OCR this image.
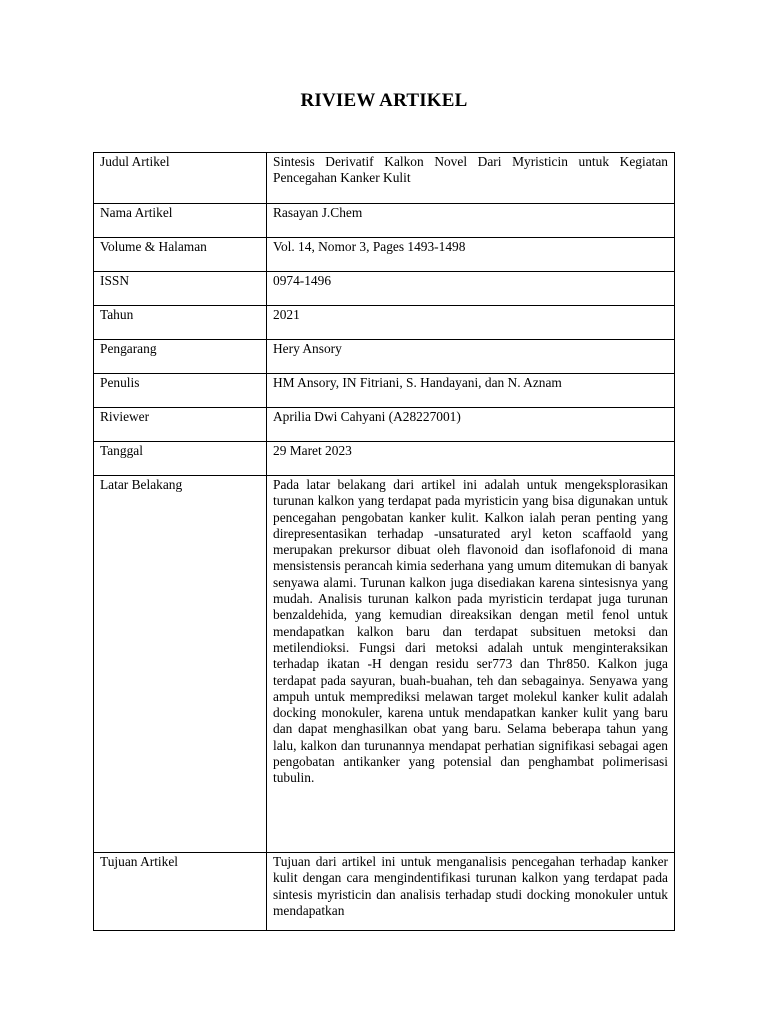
RIVIEW ARTIKEL
Judul Artikel	Sintesis Derivatif Kalkon Novel Dari Myristicin untuk Kegiatan Pencegahan Kanker Kulit
Nama Artikel	Rasayan J.Chem
Volume & Halaman	Vol. 14, Nomor 3, Pages 1493-1498
ISSN	0974-1496
Tahun	2021
Pengarang	Hery Ansory
Penulis	HM Ansory, IN Fitriani, S. Handayani, dan N. Aznam
Riviewer	Aprilia Dwi Cahyani (A28227001)
Tanggal	29 Maret 2023
Latar Belakang	Pada latar belakang dari artikel ini adalah untuk mengeksplorasikan turunan kalkon yang terdapat pada myristicin yang bisa digunakan untuk pencegahan pengobatan kanker kulit. Kalkon ialah peran penting yang direpresentasikan terhadap -unsaturated aryl keton scaffaold yang merupakan prekursor dibuat oleh flavonoid dan isoflafonoid di mana mensistensis perancah kimia sederhana yang umum ditemukan di banyak senyawa alami. Turunan kalkon juga disediakan karena sintesisnya yang mudah. Analisis turunan kalkon pada myristicin terdapat juga turunan benzaldehida, yang kemudian direaksikan dengan metil fenol untuk mendapatkan kalkon baru dan terdapat subsituen metoksi dan metilendioksi. Fungsi dari metoksi adalah untuk menginteraksikan terhadap ikatan -H dengan residu ser773 dan Thr850. Kalkon juga terdapat pada sayuran, buah-buahan, teh dan sebagainya. Senyawa yang ampuh untuk memprediksi melawan target molekul kanker kulit adalah docking monokuler, karena untuk mendapatkan kanker kulit yang baru dan dapat menghasilkan obat yang baru. Selama beberapa tahun yang lalu, kalkon dan turunannya mendapat perhatian signifikasi sebagai agen pengobatan antikanker yang potensial dan penghambat polimerisasi tubulin.
Tujuan Artikel	Tujuan dari artikel ini untuk menganalisis pencegahan terhadap kanker kulit dengan cara mengindentifikasi turunan kalkon yang terdapat pada sintesis myristicin dan analisis terhadap studi docking monokuler untuk mendapatkan
